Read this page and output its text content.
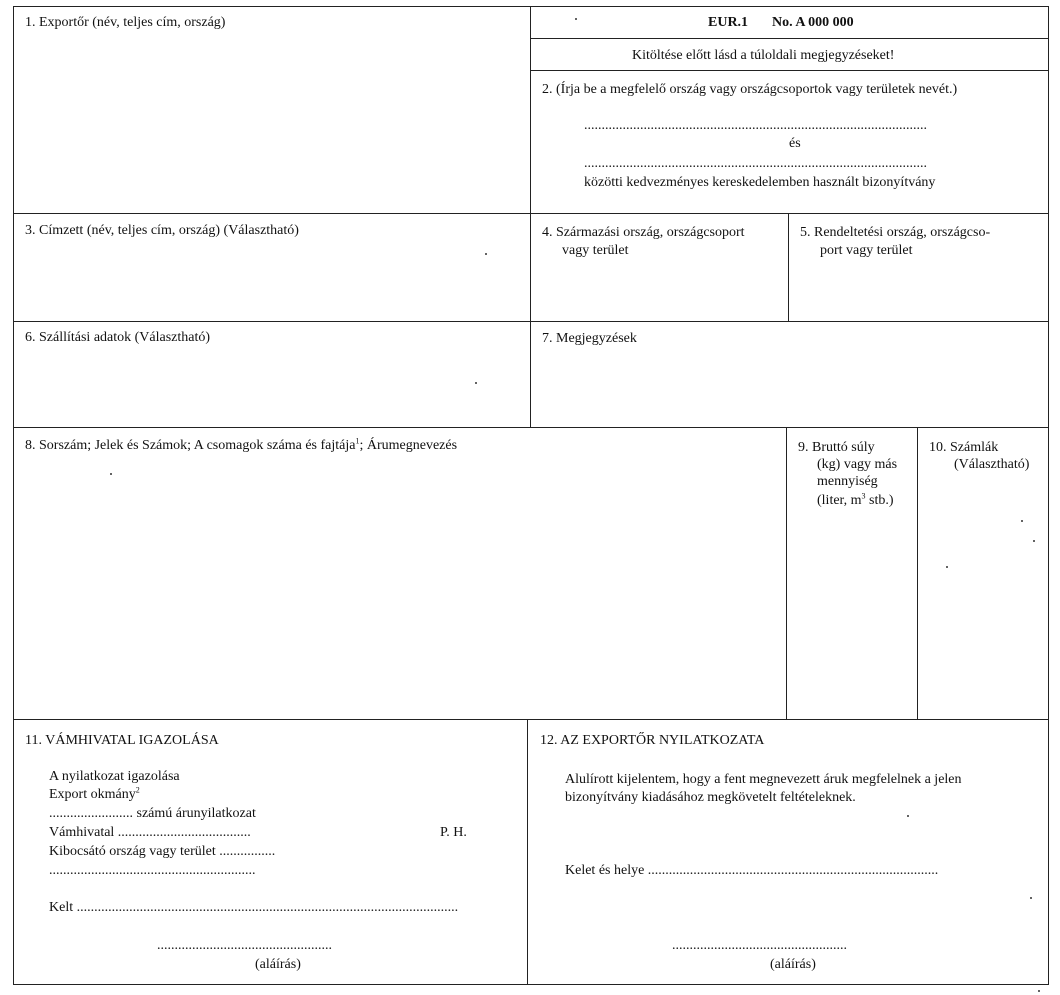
1. Exportőr (név, teljes cím, ország)	EUR.1 No. A 000 000
Kitöltése előtt lásd a túloldali megjegyzéseket!
2. (Írja be a megfelelő ország vagy országcsoportok vagy területek nevét.)
..................................................................................................
és
..................................................................................................
közötti kedvezményes kereskedelemben használt bizonyítvány
3. Címzett (név, teljes cím, ország) (Választható)	4. Származási ország, országcsoport
vagy terület
5. Rendeltetési ország, országcso-
port vagy terület
6. Szállítási adatok (Választható)	7. Megjegyzések
8. Sorszám; Jelek és Számok; A csomagok száma és fajtája$^1$; Árumegnevezés	9. Bruttó súly
(kg) vagy más
mennyiség
(liter, $m^3$ stb.)
10. Számlák
(Választható)
11. VÁMHIVATAL IGAZOLÁSA
A nyilatkozat igazolása
Export okmány$^2$
........................ számú árunyilatkozat
Vámhivatal ......................................	P. H.
Kibocsátó ország vagy terület ................
...........................................................
Kelt .............................................................................................................
..................................................
(aláírás)
12. AZ EXPORTŐR NYILATKOZATA
Alulírott kijelentem, hogy a fent megnevezett áruk megfelelnek a jelen
bizonyítvány kiadásához megkövetelt feltételeknek.
Kelet és helye ...................................................................................
..................................................
(aláírás)
